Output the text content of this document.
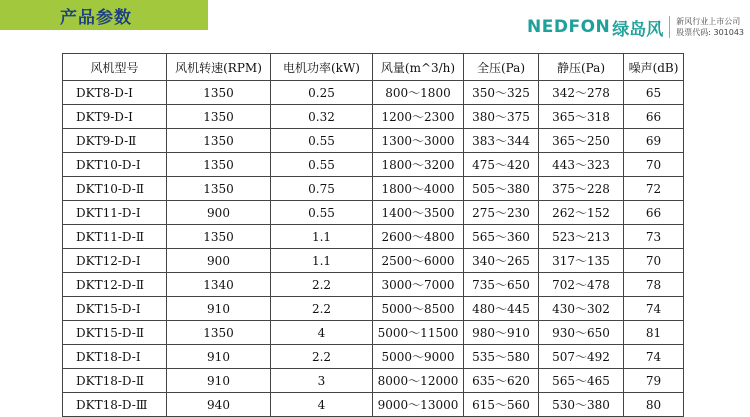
产品参数	NEDFON 绿岛风 新风行业上市公司
股票代码: 301043
风机型号	风机转速(RPM)	电机功率(kW)	风量(m^3/h)	全压(Pa)	静压(Pa)	噪声(dB)
DKT8-D-Ⅰ	1350	0.25	800～1800	350～325	342～278	65
DKT9-D-Ⅰ	1350	0.32	1200～2300	380～375	365～318	66
DKT9-D-Ⅱ	1350	0.55	1300～3000	383～344	365～250	69
DKT10-D-Ⅰ	1350	0.55	1800～3200	475～420	443～323	70
DKT10-D-Ⅱ	1350	0.75	1800～4000	505～380	375～228	72
DKT11-D-Ⅰ	900	0.55	1400～3500	275～230	262～152	66
DKT11-D-Ⅱ	1350	1.1	2600～4800	565～360	523～213	73
DKT12-D-Ⅰ	900	1.1	2500～6000	340～265	317～135	70
DKT12-D-Ⅱ	1340	2.2	3000～7000	735～650	702～478	78
DKT15-D-Ⅰ	910	2.2	5000～8500	480～445	430～302	74
DKT15-D-Ⅱ	1350	4	5000～11500	980～910	930～650	81
DKT18-D-Ⅰ	910	2.2	5000～9000	535～580	507～492	74
DKT18-D-Ⅱ	910	3	8000～12000	635～620	565～465	79
DKT18-D-Ⅲ	940	4	9000～13000	615～560	530～380	80
